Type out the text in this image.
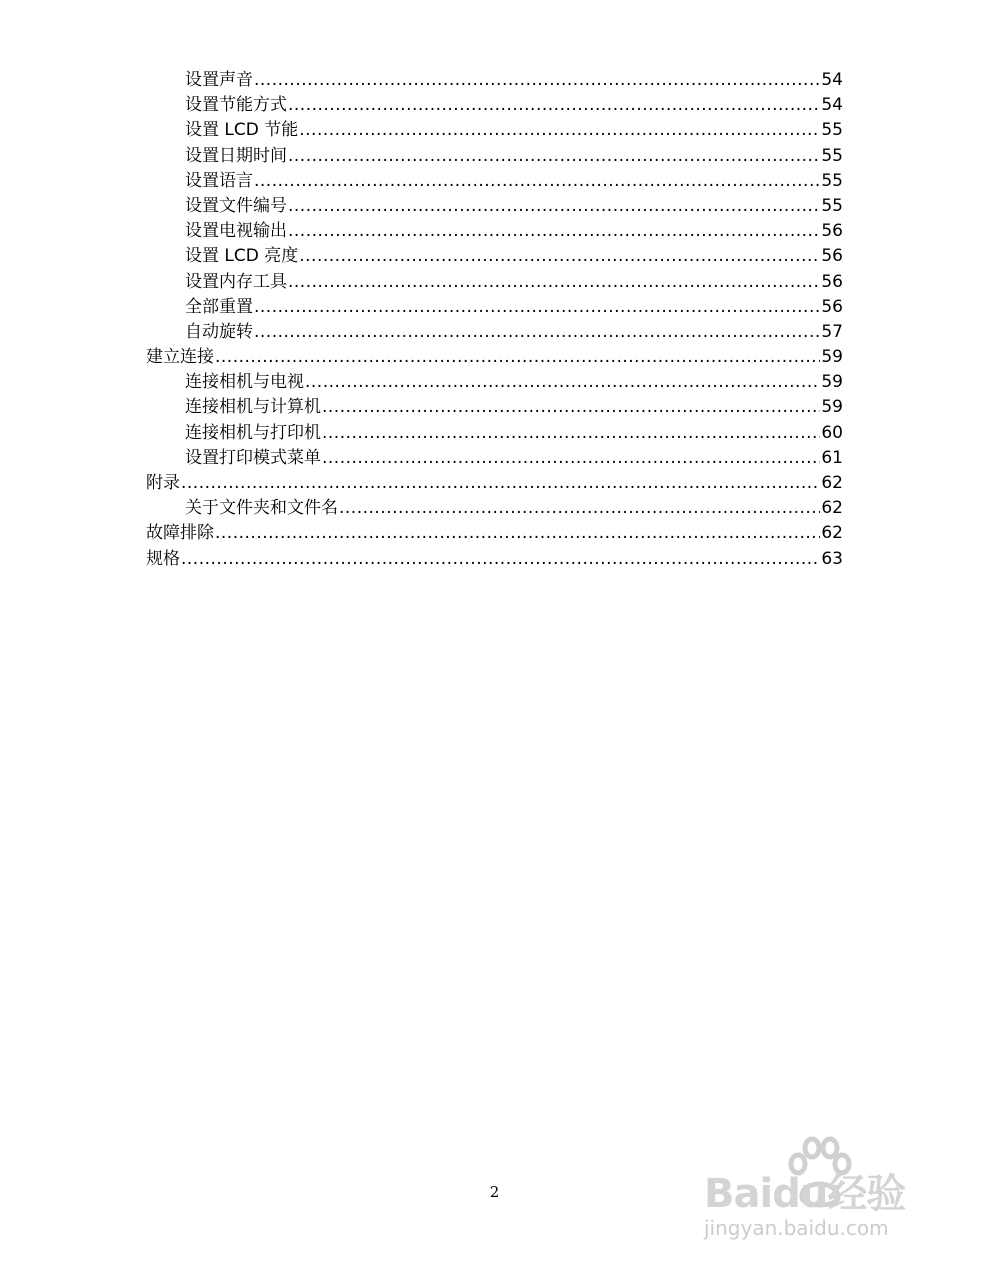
设置声音 .....	54
设置节能方式 .....	54
设置 LCD 节能 .....	55
设置日期时间 .....	55
设置语言 .....	55
设置文件编号 .....	55
设置电视输出 .....	56
设置 LCD 亮度 .....	56
设置内存工具 .....	56
全部重置 .....	56
自动旋转 .....	57
建立连接 .....	59
连接相机与电视 .....	59
连接相机与计算机 .....	59
连接相机与打印机 .....	60
设置打印模式菜单 .....	61
附录 .....	62
关于文件夹和文件名 .....	62
故障排除 .....	62
规格 .....	63
2	Baidu经验
jingyan.baidu.com
